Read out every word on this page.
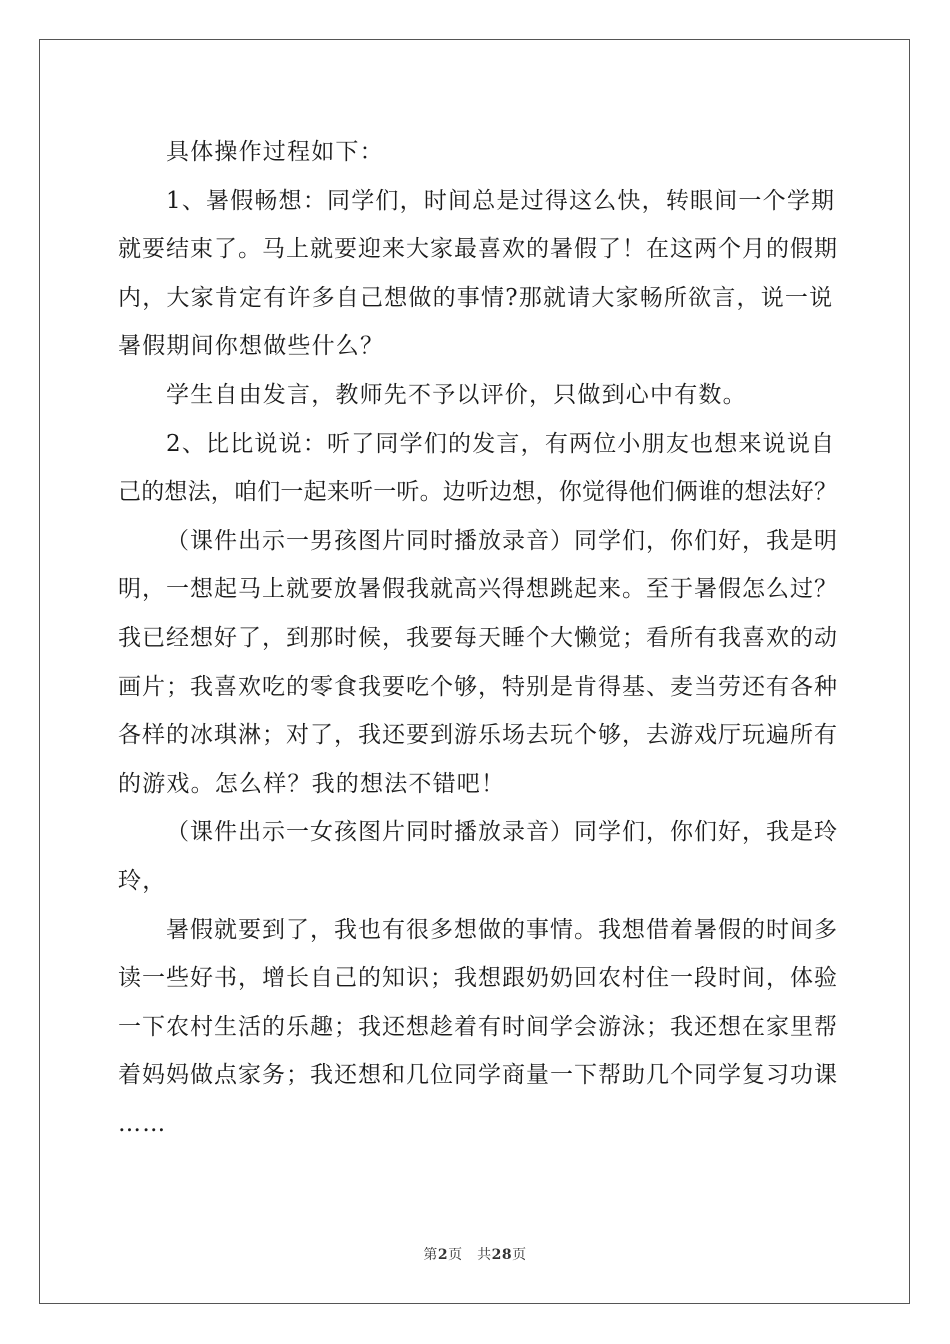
具体操作过程如下：
1、暑假畅想：同学们，时间总是过得这么快，转眼间一个学期
就要结束了。马上就要迎来大家最喜欢的暑假了！在这两个月的假期
内，大家肯定有许多自己想做的事情?那就请大家畅所欲言，说一说
暑假期间你想做些什么？
学生自由发言，教师先不予以评价，只做到心中有数。
2、比比说说：听了同学们的发言，有两位小朋友也想来说说自
己的想法，咱们一起来听一听。边听边想，你觉得他们俩谁的想法好？
（课件出示一男孩图片同时播放录音）同学们，你们好，我是明
明，一想起马上就要放暑假我就高兴得想跳起来。至于暑假怎么过？
我已经想好了，到那时候，我要每天睡个大懒觉；看所有我喜欢的动
画片；我喜欢吃的零食我要吃个够，特别是肯得基、麦当劳还有各种
各样的冰琪淋；对了，我还要到游乐场去玩个够，去游戏厅玩遍所有
的游戏。怎么样？我的想法不错吧！
（课件出示一女孩图片同时播放录音）同学们，你们好，我是玲
玲，
暑假就要到了，我也有很多想做的事情。我想借着暑假的时间多
读一些好书，增长自己的知识；我想跟奶奶回农村住一段时间，体验
一下农村生活的乐趣；我还想趁着有时间学会游泳；我还想在家里帮
着妈妈做点家务；我还想和几位同学商量一下帮助几个同学复习功课
……
第2页　共28页
